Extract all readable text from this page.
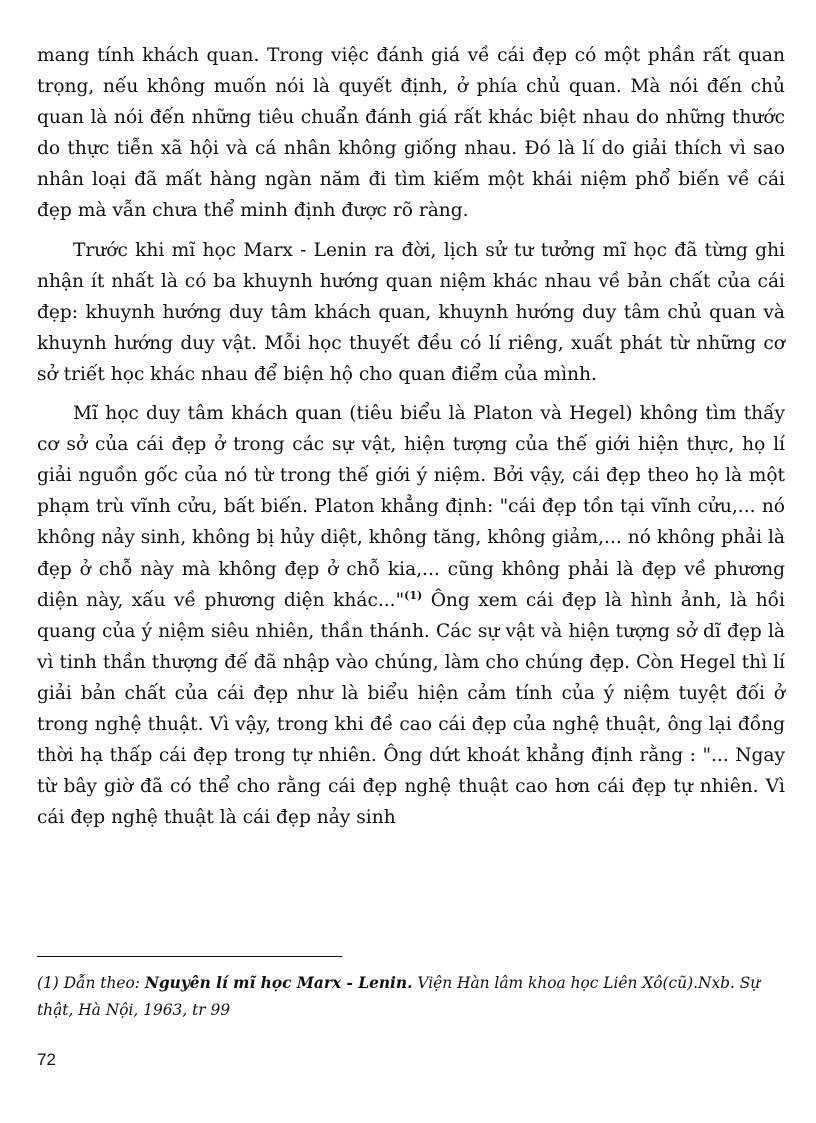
mang tính khách quan. Trong việc đánh giá về cái đẹp có một phần rất quan trọng, nếu không muốn nói là quyết định, ở phía chủ quan. Mà nói đến chủ quan là nói đến những tiêu chuẩn đánh giá rất khác biệt nhau do những thước do thực tiễn xã hội và cá nhân không giống nhau. Đó là lí do giải thích vì sao nhân loại đã mất hàng ngàn năm đi tìm kiếm một khái niệm phổ biến về cái đẹp mà vẫn chưa thể minh định được rõ ràng.

Trước khi mĩ học Marx - Lenin ra đời, lịch sử tư tưởng mĩ học đã từng ghi nhận ít nhất là có ba khuynh hướng quan niệm khác nhau về bản chất của cái đẹp: khuynh hướng duy tâm khách quan, khuynh hướng duy tâm chủ quan và khuynh hướng duy vật. Mỗi học thuyết đều có lí riêng, xuất phát từ những cơ sở triết học khác nhau để biện hộ cho quan điểm của mình.

Mĩ học duy tâm khách quan (tiêu biểu là Platon và Hegel) không tìm thấy cơ sở của cái đẹp ở trong các sự vật, hiện tượng của thế giới hiện thực, họ lí giải nguồn gốc của nó từ trong thế giới ý niệm. Bởi vậy, cái đẹp theo họ là một phạm trù vĩnh cửu, bất biến. Platon khẳng định: "cái đẹp tồn tại vĩnh cửu,... nó không nảy sinh, không bị hủy diệt, không tăng, không giảm,... nó không phải là đẹp ở chỗ này mà không đẹp ở chỗ kia,... cũng không phải là đẹp về phương diện này, xấu về phương diện khác..."$^{(1)}$ Ông xem cái đẹp là hình ảnh, là hồi quang của ý niệm siêu nhiên, thần thánh. Các sự vật và hiện tượng sở dĩ đẹp là vì tinh thần thượng đế đã nhập vào chúng, làm cho chúng đẹp. Còn Hegel thì lí giải bản chất của cái đẹp như là biểu hiện cảm tính của ý niệm tuyệt đối ở trong nghệ thuật. Vì vậy, trong khi đề cao cái đẹp của nghệ thuật, ông lại đồng thời hạ thấp cái đẹp trong tự nhiên. Ông dứt khoát khẳng định rằng : "... Ngay từ bây giờ đã có thể cho rằng cái đẹp nghệ thuật cao hơn cái đẹp tự nhiên. Vì cái đẹp nghệ thuật là cái đẹp nảy sinh

(1) Dẫn theo: Nguyên lí mĩ học Marx - Lenin. Viện Hàn lâm khoa học Liên Xô(cũ).Nxb. Sự thật, Hà Nội, 1963, tr 99

72
